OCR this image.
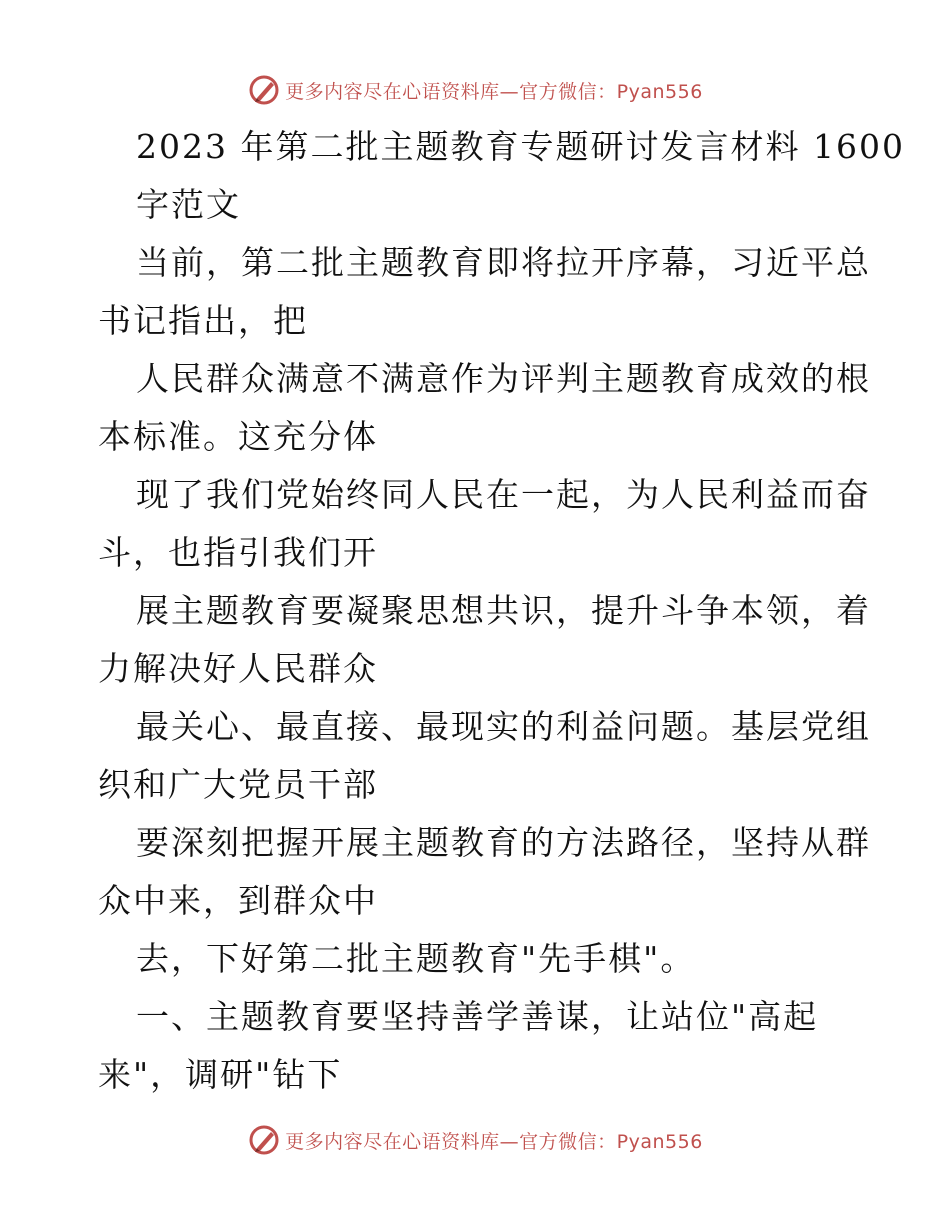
更多内容尽在心语资料库—官方微信：Pyan556
2023 年第二批主题教育专题研讨发言材料 1600
字范文
当前，第二批主题教育即将拉开序幕，习近平总
书记指出，把
人民群众满意不满意作为评判主题教育成效的根
本标准。这充分体
现了我们党始终同人民在一起，为人民利益而奋
斗，也指引我们开
展主题教育要凝聚思想共识，提升斗争本领，着
力解决好人民群众
最关心、最直接、最现实的利益问题。基层党组
织和广大党员干部
要深刻把握开展主题教育的方法路径，坚持从群
众中来，到群众中
去，下好第二批主题教育"先手棋"。
一、主题教育要坚持善学善谋，让站位"高起
来"，调研"钻下
更多内容尽在心语资料库—官方微信：Pyan556
